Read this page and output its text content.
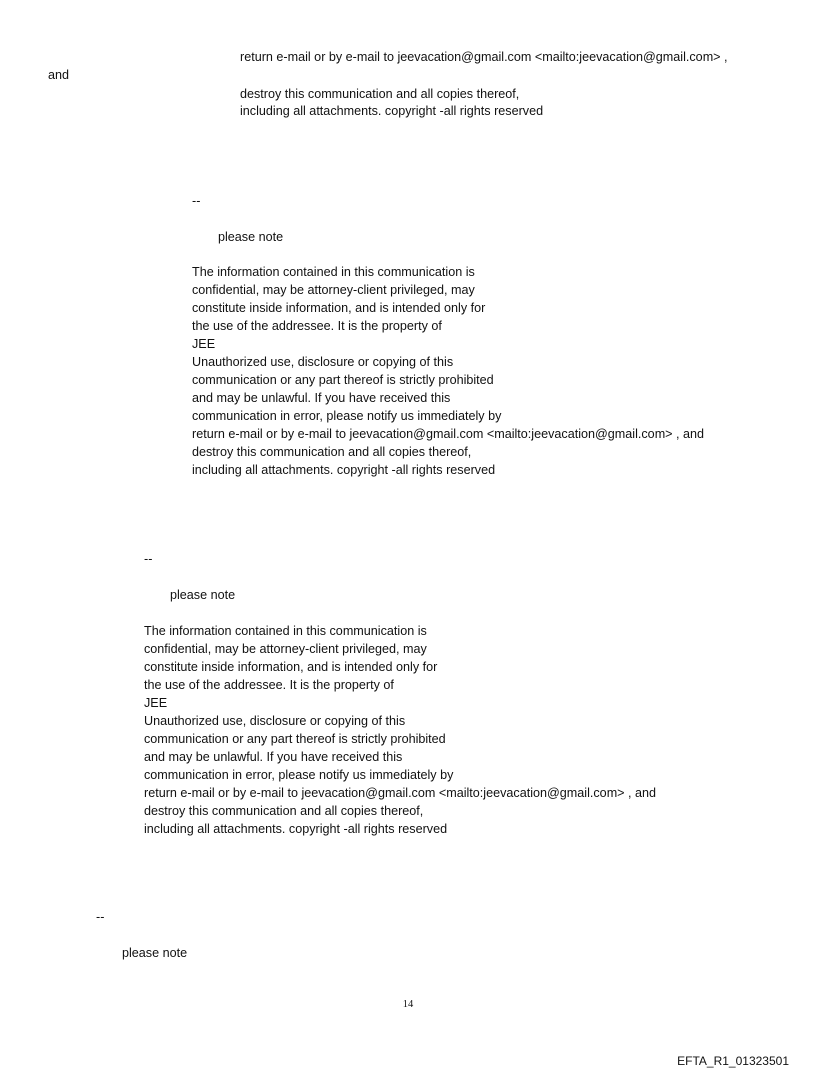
return e-mail or by e-mail to jeevacation@gmail.com <mailto:jeevacation@gmail.com> ,

and

destroy this communication and all copies thereof,

including all attachments. copyright -all rights reserved

--

please note

The information contained in this communication is

confidential, may be attorney-client privileged, may

constitute inside information, and is intended only for

the use of the addressee. It is the property of

JEE

Unauthorized use, disclosure or copying of this

communication or any part thereof is strictly prohibited

and may be unlawful. If you have received this

communication in error, please notify us immediately by

return e-mail or by e-mail to jeevacation@gmail.com <mailto:jeevacation@gmail.com> , and

destroy this communication and all copies thereof,

including all attachments. copyright -all rights reserved

--

please note

The information contained in this communication is

confidential, may be attorney-client privileged, may

constitute inside information, and is intended only for

the use of the addressee. It is the property of

JEE

Unauthorized use, disclosure or copying of this

communication or any part thereof is strictly prohibited

and may be unlawful. If you have received this

communication in error, please notify us immediately by

return e-mail or by e-mail to jeevacation@gmail.com <mailto:jeevacation@gmail.com> , and

destroy this communication and all copies thereof,

including all attachments. copyright -all rights reserved

--

please note

14
EFTA_R1_01323501
